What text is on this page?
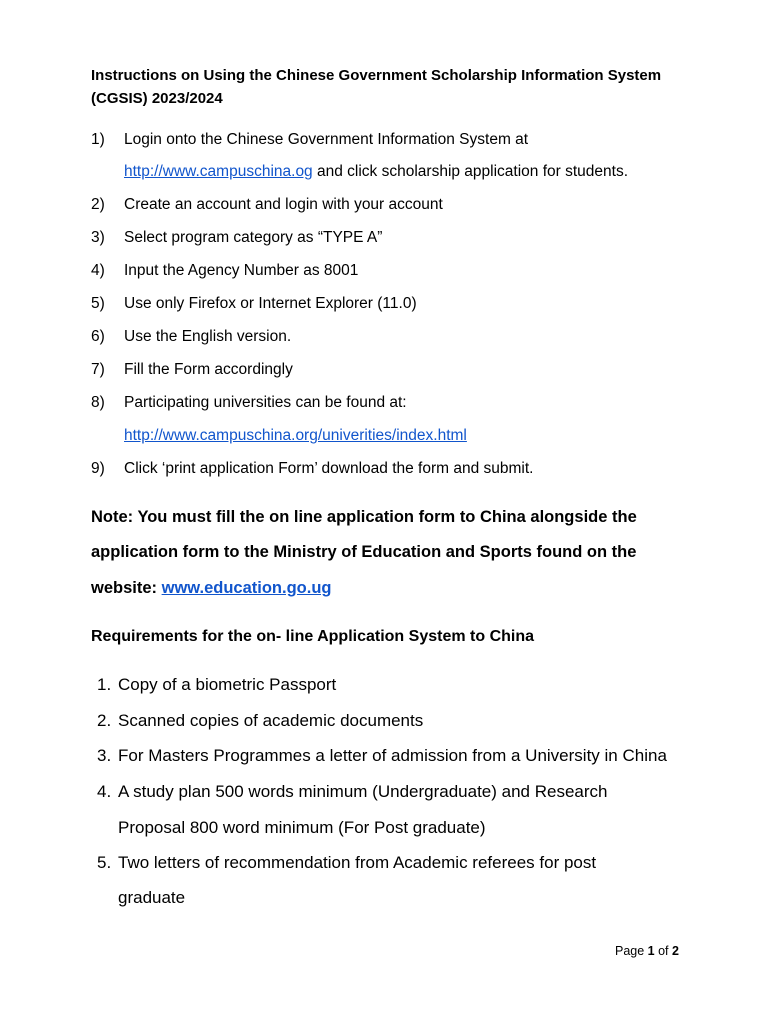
Instructions on Using the Chinese Government Scholarship Information System
(CGSIS) 2023/2024
1) Login onto the Chinese Government Information System at
http://www.campuschina.og and click scholarship application for students.
2) Create an account and login with your account
3) Select program category as “TYPE A”
4) Input the Agency Number as 8001
5) Use only Firefox or Internet Explorer (11.0)
6) Use the English version.
7) Fill the Form accordingly
8) Participating universities can be found at:
http://www.campuschina.org/univerities/index.html
9) Click ‘print application Form’ download the form and submit.
Note: You must fill the on line application form to China alongside the
application form to the Ministry of Education and Sports found on the
website: www.education.go.ug
Requirements for the on- line Application System to China
1. Copy of a biometric Passport
2. Scanned copies of academic documents
3. For Masters Programmes a letter of admission from a University in China
4. A study plan 500 words minimum (Undergraduate) and Research
Proposal 800 word minimum (For Post graduate)
5. Two letters of recommendation from Academic referees for post
graduate
Page 1 of 2
